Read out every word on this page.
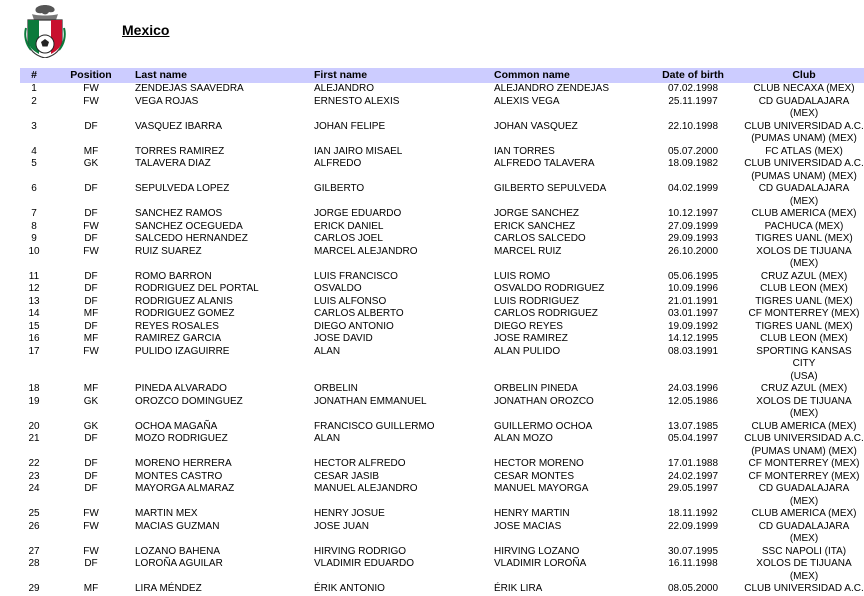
Mexico
#	Position	Last name	First name	Common name	Date of birth	Club
1	FW	ZENDEJAS SAAVEDRA	ALEJANDRO	ALEJANDRO ZENDEJAS	07.02.1998	CLUB NECAXA (MEX)
2	FW	VEGA ROJAS	ERNESTO ALEXIS	ALEXIS VEGA	25.11.1997	CD GUADALAJARA (MEX)
3	DF	VASQUEZ IBARRA	JOHAN FELIPE	JOHAN VASQUEZ	22.10.1998	CLUB UNIVERSIDAD A.C.
(PUMAS UNAM) (MEX)
4	MF	TORRES RAMIREZ	IAN JAIRO MISAEL	IAN TORRES	05.07.2000	FC ATLAS (MEX)
5	GK	TALAVERA DIAZ	ALFREDO	ALFREDO TALAVERA	18.09.1982	CLUB UNIVERSIDAD A.C.
(PUMAS UNAM) (MEX)
6	DF	SEPULVEDA LOPEZ	GILBERTO	GILBERTO SEPULVEDA	04.02.1999	CD GUADALAJARA (MEX)
7	DF	SANCHEZ RAMOS	JORGE EDUARDO	JORGE SANCHEZ	10.12.1997	CLUB AMERICA (MEX)
8	FW	SANCHEZ OCEGUEDA	ERICK DANIEL	ERICK SANCHEZ	27.09.1999	PACHUCA (MEX)
9	DF	SALCEDO HERNANDEZ	CARLOS JOEL	CARLOS SALCEDO	29.09.1993	TIGRES UANL (MEX)
10	FW	RUIZ SUAREZ	MARCEL ALEJANDRO	MARCEL RUIZ	26.10.2000	XOLOS DE TIJUANA (MEX)
11	DF	ROMO BARRON	LUIS FRANCISCO	LUIS ROMO	05.06.1995	CRUZ AZUL (MEX)
12	DF	RODRIGUEZ DEL PORTAL	OSVALDO	OSVALDO RODRIGUEZ	10.09.1996	CLUB LEON (MEX)
13	DF	RODRIGUEZ ALANIS	LUIS ALFONSO	LUIS RODRIGUEZ	21.01.1991	TIGRES UANL (MEX)
14	MF	RODRIGUEZ GOMEZ	CARLOS ALBERTO	CARLOS RODRIGUEZ	03.01.1997	CF MONTERREY (MEX)
15	DF	REYES ROSALES	DIEGO ANTONIO	DIEGO REYES	19.09.1992	TIGRES UANL (MEX)
16	MF	RAMIREZ GARCIA	JOSE DAVID	JOSE RAMIREZ	14.12.1995	CLUB LEON (MEX)
17	FW	PULIDO IZAGUIRRE	ALAN	ALAN PULIDO	08.03.1991	SPORTING KANSAS CITY
(USA)
18	MF	PINEDA ALVARADO	ORBELIN	ORBELIN PINEDA	24.03.1996	CRUZ AZUL (MEX)
19	GK	OROZCO DOMINGUEZ	JONATHAN EMMANUEL	JONATHAN OROZCO	12.05.1986	XOLOS DE TIJUANA (MEX)
20	GK	OCHOA MAGAÑA	FRANCISCO GUILLERMO	GUILLERMO OCHOA	13.07.1985	CLUB AMERICA (MEX)
21	DF	MOZO RODRIGUEZ	ALAN	ALAN MOZO	05.04.1997	CLUB UNIVERSIDAD A.C.
(PUMAS UNAM) (MEX)
22	DF	MORENO HERRERA	HECTOR ALFREDO	HECTOR MORENO	17.01.1988	CF MONTERREY (MEX)
23	DF	MONTES CASTRO	CESAR JASIB	CESAR MONTES	24.02.1997	CF MONTERREY (MEX)
24	DF	MAYORGA ALMARAZ	MANUEL ALEJANDRO	MANUEL MAYORGA	29.05.1997	CD GUADALAJARA (MEX)
25	FW	MARTIN MEX	HENRY JOSUE	HENRY MARTIN	18.11.1992	CLUB AMERICA (MEX)
26	FW	MACIAS GUZMAN	JOSE JUAN	JOSE MACIAS	22.09.1999	CD GUADALAJARA (MEX)
27	FW	LOZANO BAHENA	HIRVING RODRIGO	HIRVING LOZANO	30.07.1995	SSC NAPOLI (ITA)
28	DF	LOROÑA AGUILAR	VLADIMIR EDUARDO	VLADIMIR LOROÑA	16.11.1998	XOLOS DE TIJUANA (MEX)
29	MF	LIRA MÉNDEZ	ÉRIK ANTONIO	ÉRIK LIRA	08.05.2000	CLUB UNIVERSIDAD A.C.
